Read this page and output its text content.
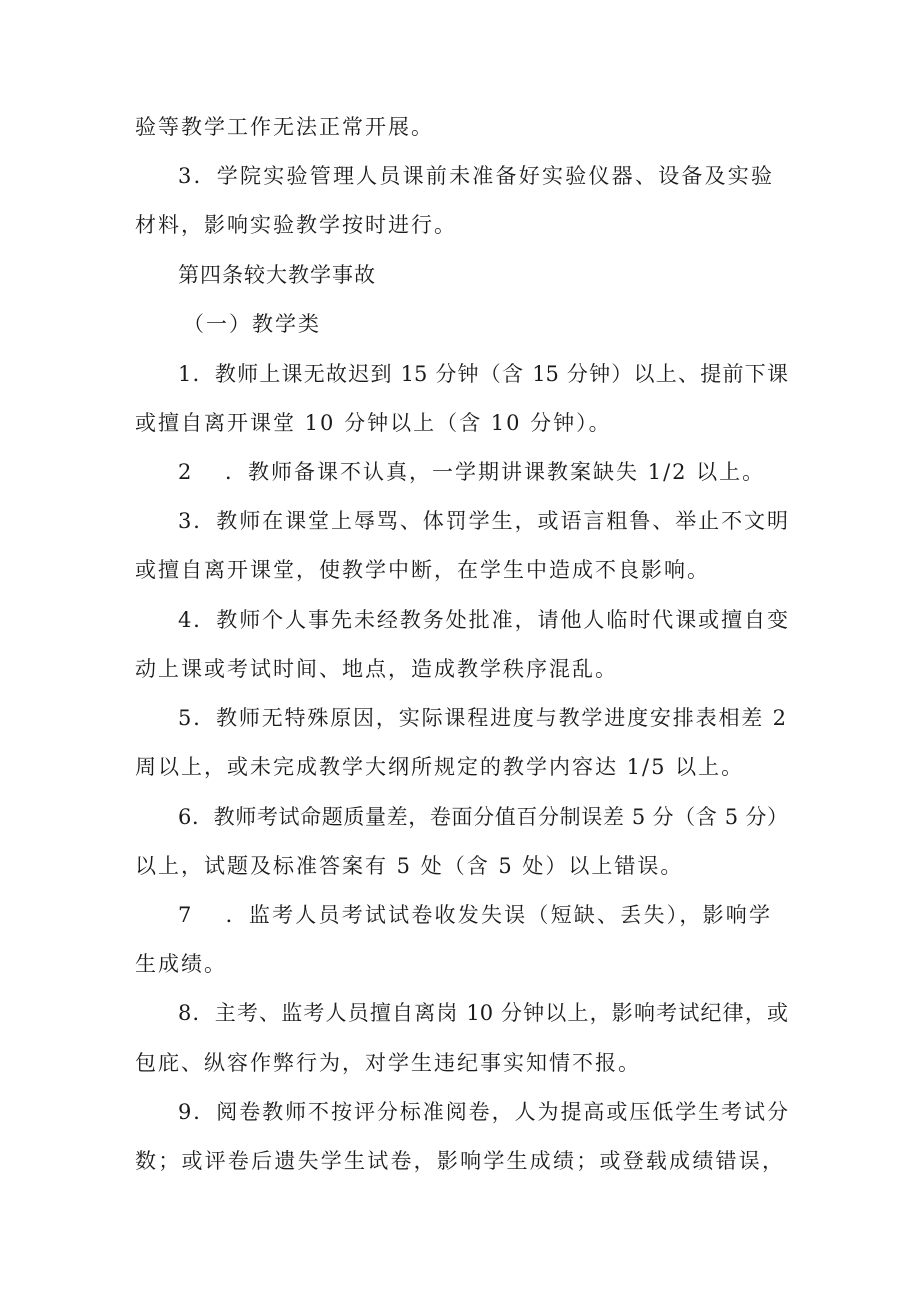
验等教学工作无法正常开展。
3．学院实验管理人员课前未准备好实验仪器、设备及实验
材料，影响实验教学按时进行。
第四条较大教学事故
（一）教学类
1．教师上课无故迟到 15 分钟（含 15 分钟）以上、提前下课
或擅自离开课堂 10 分钟以上（含 10 分钟）。
2　 ．教师备课不认真，一学期讲课教案缺失 1/2 以上。
3．教师在课堂上辱骂、体罚学生，或语言粗鲁、举止不文明
或擅自离开课堂，使教学中断，在学生中造成不良影响。
4．教师个人事先未经教务处批准，请他人临时代课或擅自变
动上课或考试时间、地点，造成教学秩序混乱。
5．教师无特殊原因，实际课程进度与教学进度安排表相差 2
周以上，或未完成教学大纲所规定的教学内容达 1/5 以上。
6．教师考试命题质量差，卷面分值百分制误差 5 分（含 5 分）
以上，试题及标准答案有 5 处（含 5 处）以上错误。
7　 ．监考人员考试试卷收发失误（短缺、丢失），影响学
生成绩。
8．主考、监考人员擅自离岗 10 分钟以上，影响考试纪律，或
包庇、纵容作弊行为，对学生违纪事实知情不报。
9．阅卷教师不按评分标准阅卷，人为提高或压低学生考试分
数；或评卷后遗失学生试卷，影响学生成绩；或登载成绩错误，
